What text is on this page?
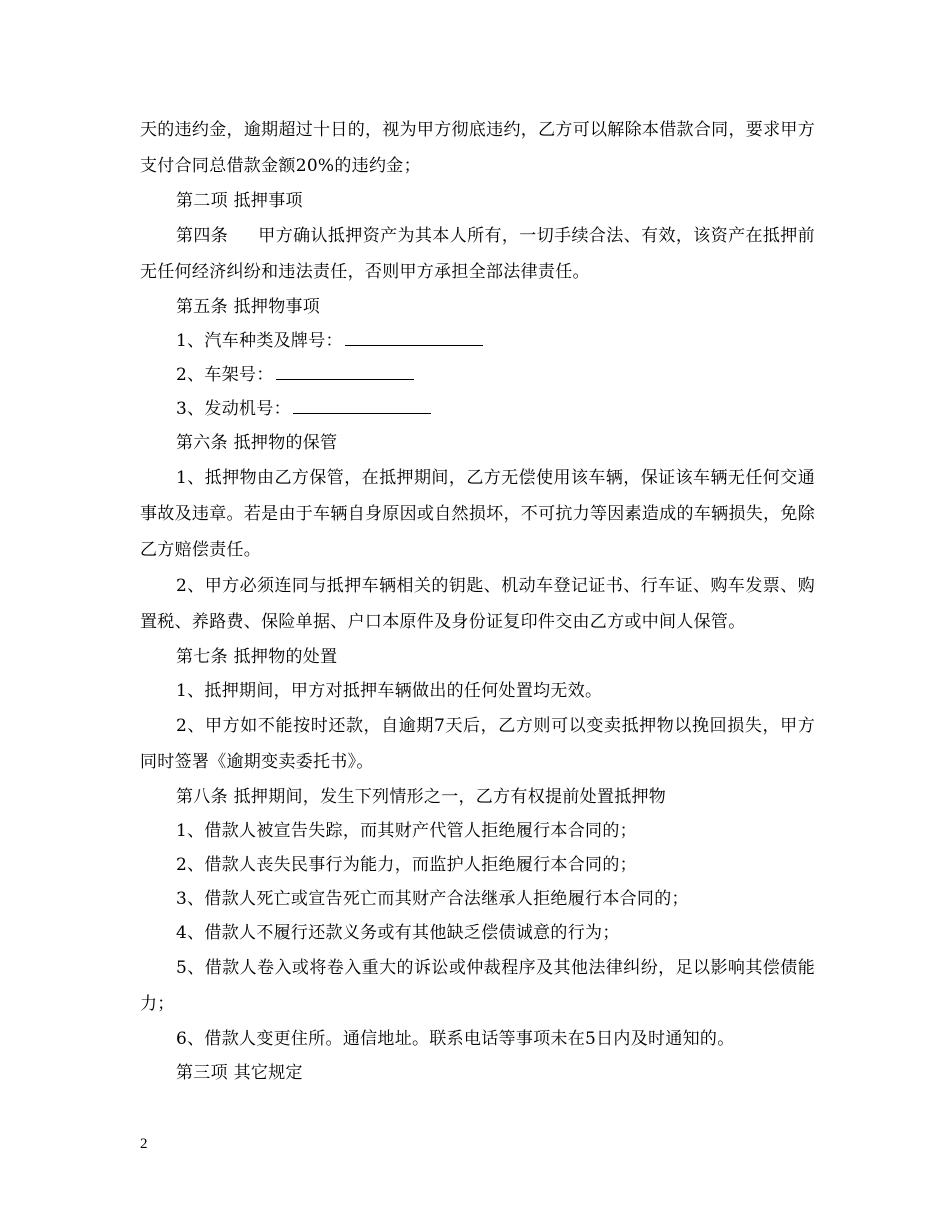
天的违约金，逾期超过十日的，视为甲方彻底违约，乙方可以解除本借款合同，要求甲方支付合同总借款金额20%的违约金；

第二项 抵押事项

第四条 甲方确认抵押资产为其本人所有，一切手续合法、有效，该资产在抵押前无任何经济纠纷和违法责任，否则甲方承担全部法律责任。

第五条 抵押物事项

1、汽车种类及牌号：

2、车架号：

3、发动机号：

第六条 抵押物的保管

1、抵押物由乙方保管，在抵押期间，乙方无偿使用该车辆，保证该车辆无任何交通事故及违章。若是由于车辆自身原因或自然损坏，不可抗力等因素造成的车辆损失，免除乙方赔偿责任。

2、甲方必须连同与抵押车辆相关的钥匙、机动车登记证书、行车证、购车发票、购置税、养路费、保险单据、户口本原件及身份证复印件交由乙方或中间人保管。

第七条 抵押物的处置

1、抵押期间，甲方对抵押车辆做出的任何处置均无效。

2、甲方如不能按时还款，自逾期7天后，乙方则可以变卖抵押物以挽回损失，甲方同时签署《逾期变卖委托书》。

第八条 抵押期间，发生下列情形之一，乙方有权提前处置抵押物

1、借款人被宣告失踪，而其财产代管人拒绝履行本合同的；

2、借款人丧失民事行为能力，而监护人拒绝履行本合同的；

3、借款人死亡或宣告死亡而其财产合法继承人拒绝履行本合同的；

4、借款人不履行还款义务或有其他缺乏偿债诚意的行为；

5、借款人卷入或将卷入重大的诉讼或仲裁程序及其他法律纠纷，足以影响其偿债能力；

6、借款人变更住所。通信地址。联系电话等事项未在5日内及时通知的。

第三项 其它规定

2
